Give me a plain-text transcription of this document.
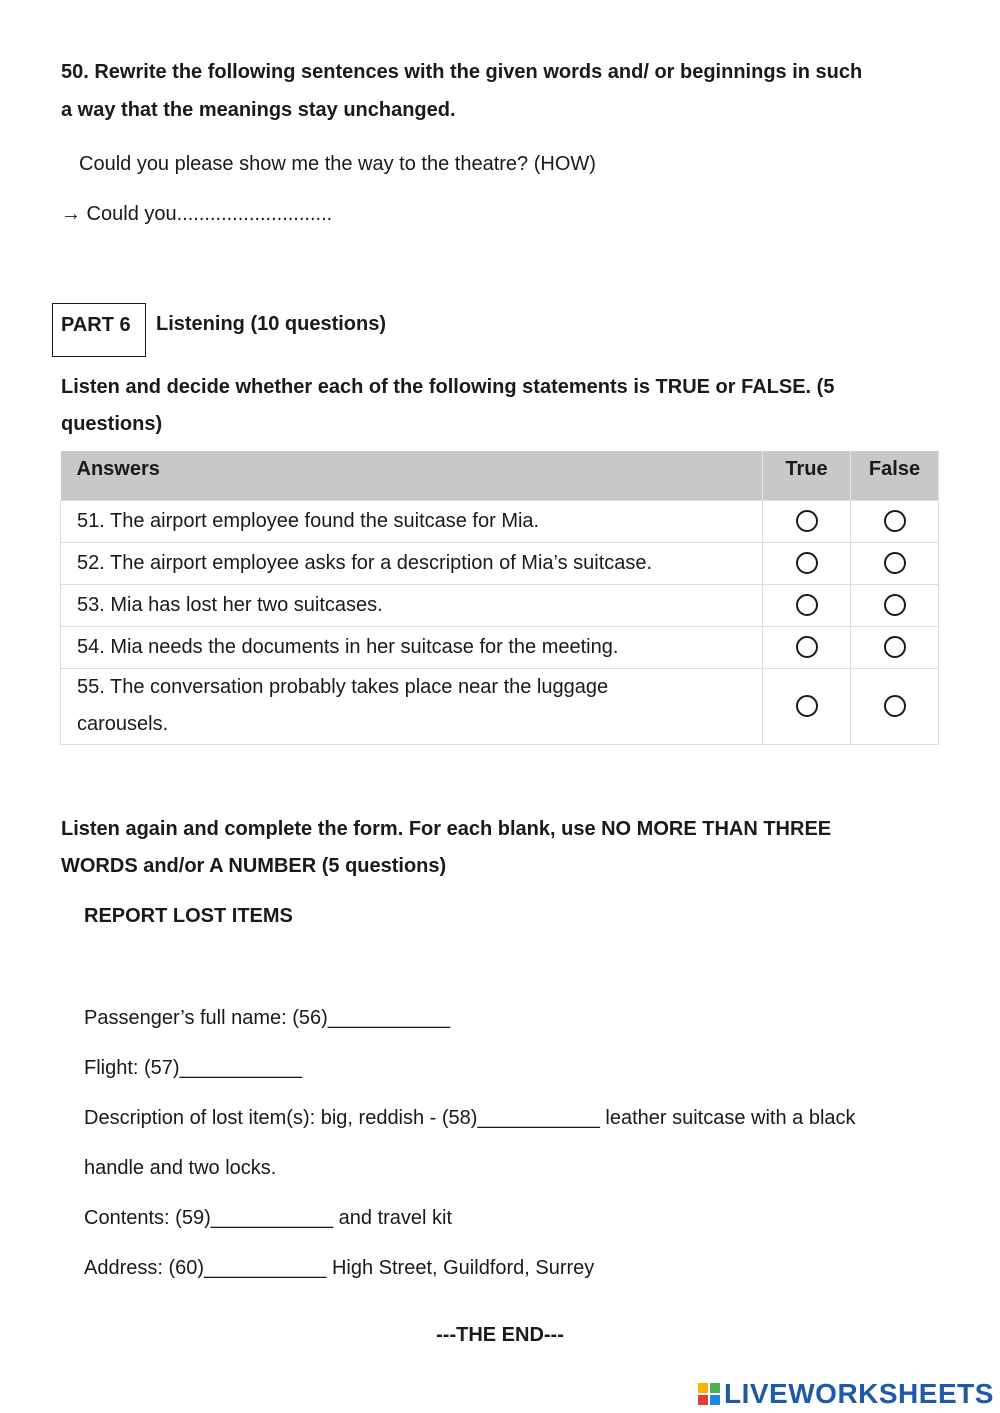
50. Rewrite the following sentences with the given words and/ or beginnings in such
a way that the meanings stay unchanged.
Could you please show me the way to the theatre? (HOW)
→ Could you............................
PART 6 Listening (10 questions)
Listen and decide whether each of the following statements is TRUE or FALSE. (5
questions)
Answers	True	False
51. The airport employee found the suitcase for Mia.		
52. The airport employee asks for a description of Mia’s suitcase.		
53. Mia has lost her two suitcases.		
54. Mia needs the documents in her suitcase for the meeting.		
55. The conversation probably takes place near the luggage
carousels.		
Listen again and complete the form. For each blank, use NO MORE THAN THREE
WORDS and/or A NUMBER (5 questions)
REPORT LOST ITEMS
Passenger’s full name: (56)___________
Flight: (57)___________
Description of lost item(s): big, reddish - (58)___________ leather suitcase with a black
handle and two locks.
Contents: (59)___________ and travel kit
Address: (60)___________ High Street, Guildford, Surrey
---THE END---
LIVEWORKSHEETS
